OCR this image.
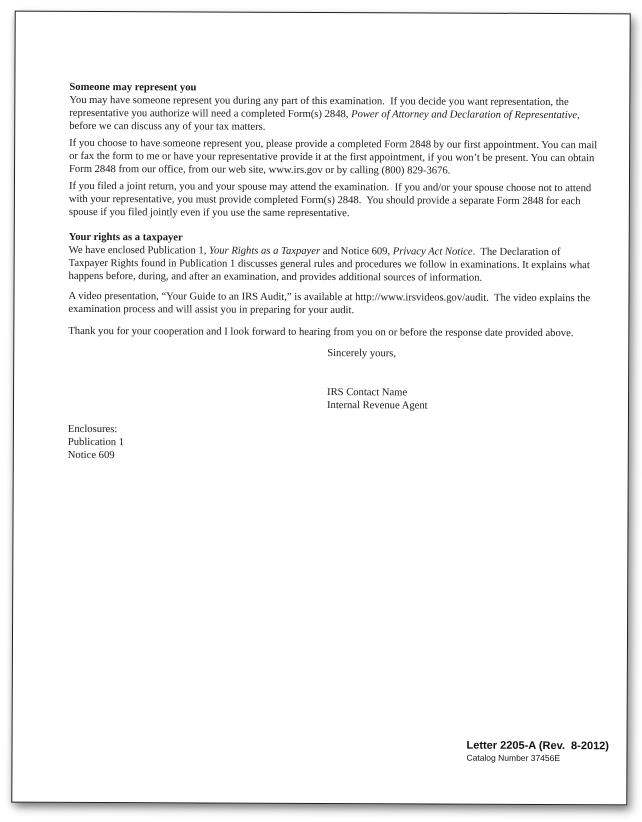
Someone may represent you

You may have someone represent you during any part of this examination.  If you decide you want representation, the representative you authorize will need a completed Form(s) 2848, Power of Attorney and Declaration of Representative, before we can discuss any of your tax matters.

If you choose to have someone represent you, please provide a completed Form 2848 by our first appointment. You can mail or fax the form to me or have your representative provide it at the first appointment, if you won’t be present. You can obtain Form 2848 from our office, from our web site, www.irs.gov or by calling (800) 829-3676.

If you filed a joint return, you and your spouse may attend the examination.  If you and/or your spouse choose not to attend with your representative, you must provide completed Form(s) 2848.  You should provide a separate Form 2848 for each spouse if you filed jointly even if you use the same representative.

Your rights as a taxpayer

We have enclosed Publication 1, Your Rights as a Taxpayer and Notice 609, Privacy Act Notice.  The Declaration of Taxpayer Rights found in Publication 1 discusses general rules and procedures we follow in examinations. It explains what happens before, during, and after an examination, and provides additional sources of information.

A video presentation, “Your Guide to an IRS Audit,” is available at http://www.irsvideos.gov/audit.  The video explains the examination process and will assist you in preparing for your audit.

Thank you for your cooperation and I look forward to hearing from you on or before the response date provided above.

Sincerely yours,
IRS Contact Name
Internal Revenue Agent
Enclosures:
Publication 1
Notice 609
Letter 2205-A (Rev.  8-2012)
Catalog Number 37456E
